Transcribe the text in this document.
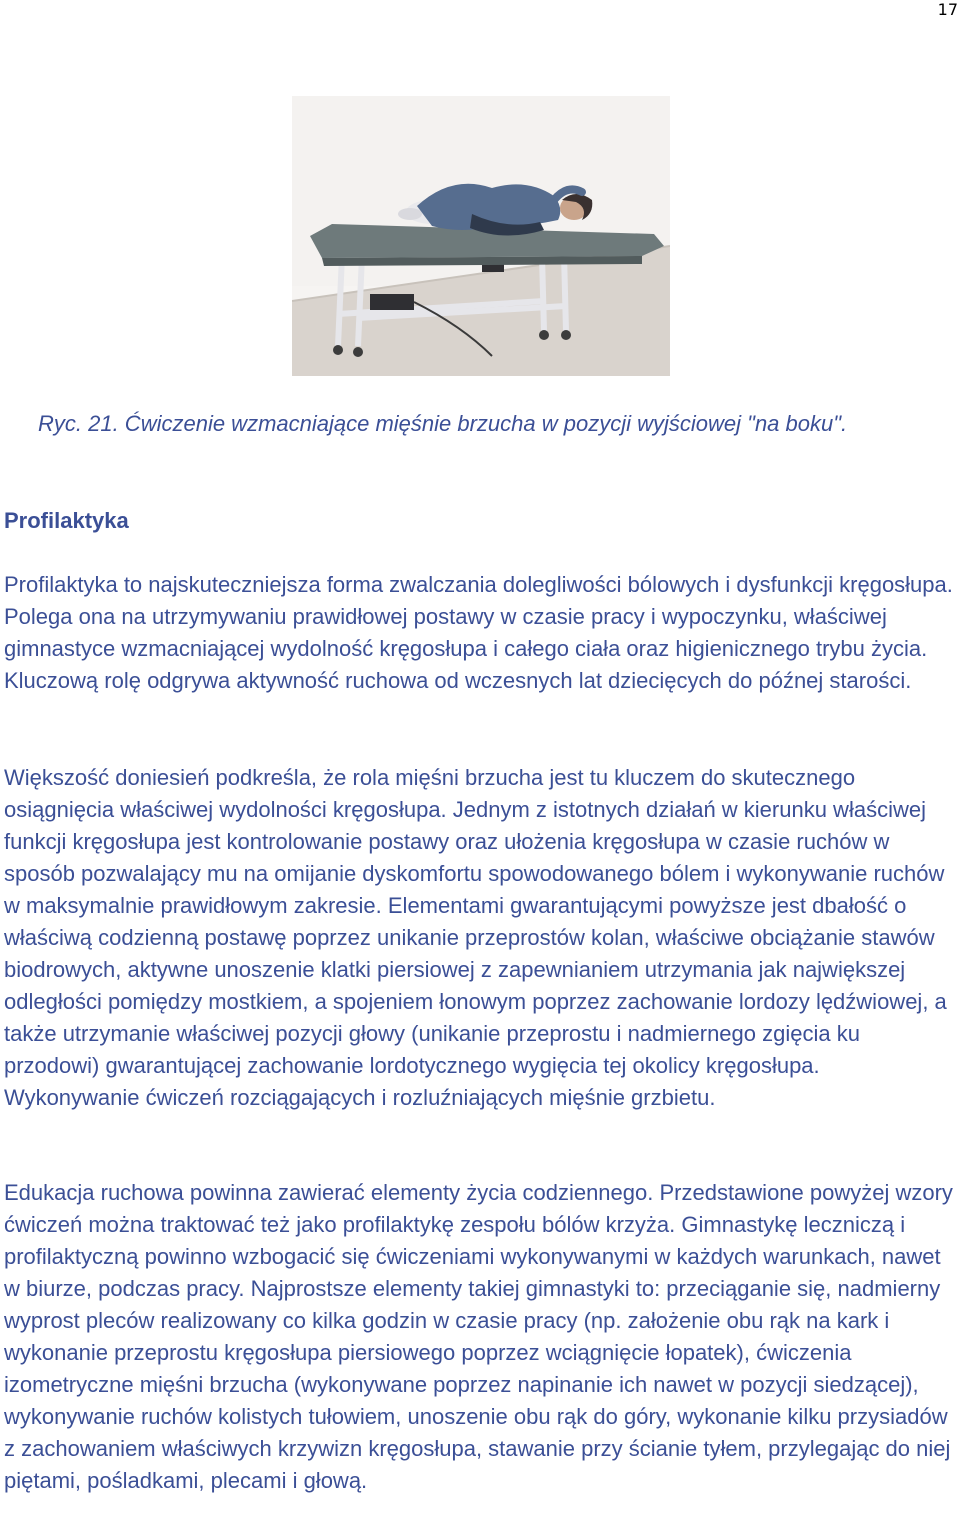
17
Ryc. 21. Ćwiczenie wzmacniające mięśnie brzucha w pozycji wyjściowej "na boku".
Profilaktyka

Profilaktyka to najskuteczniejsza forma zwalczania dolegliwości bólowych i dysfunkcji kręgosłupa. Polega ona na utrzymywaniu prawidłowej postawy w czasie pracy i wypoczynku, właściwej gimnastyce wzmacniającej wydolność kręgosłupa i całego ciała oraz higienicznego trybu życia. Kluczową rolę odgrywa aktywność ruchowa od wczesnych lat dziecięcych do późnej starości.

Większość doniesień podkreśla, że rola mięśni brzucha jest tu kluczem do skutecznego osiągnięcia właściwej wydolności kręgosłupa. Jednym z istotnych działań w kierunku właściwej funkcji kręgosłupa jest kontrolowanie postawy oraz ułożenia kręgosłupa w czasie ruchów w sposób pozwalający mu na omijanie dyskomfortu spowodowanego bólem i wykonywanie ruchów w maksymalnie prawidłowym zakresie. Elementami gwarantującymi powyższe jest dbałość o właściwą codzienną postawę poprzez unikanie przeprostów kolan, właściwe obciążanie stawów biodrowych, aktywne unoszenie klatki piersiowej z zapewnianiem utrzymania jak największej odległości pomiędzy mostkiem, a spojeniem łonowym poprzez zachowanie lordozy lędźwiowej, a także utrzymanie właściwej pozycji głowy (unikanie przeprostu i nadmiernego zgięcia ku przodowi) gwarantującej zachowanie lordotycznego wygięcia tej okolicy kręgosłupa. Wykonywanie ćwiczeń rozciągających i rozluźniających mięśnie grzbietu.

Edukacja ruchowa powinna zawierać elementy życia codziennego. Przedstawione powyżej wzory ćwiczeń można traktować też jako profilaktykę zespołu bólów krzyża. Gimnastykę leczniczą i profilaktyczną powinno wzbogacić się ćwiczeniami wykonywanymi w każdych warunkach, nawet w biurze, podczas pracy. Najprostsze elementy takiej gimnastyki to: przeciąganie się, nadmierny wyprost pleców realizowany co kilka godzin w czasie pracy (np. założenie obu rąk na kark i wykonanie przeprostu kręgosłupa piersiowego poprzez wciągnięcie łopatek), ćwiczenia izometryczne mięśni brzucha (wykonywane poprzez napinanie ich nawet w pozycji siedzącej), wykonywanie ruchów kolistych tułowiem, unoszenie obu rąk do góry, wykonanie kilku przysiadów z zachowaniem właściwych krzywizn kręgosłupa, stawanie przy ścianie tyłem, przylegając do niej piętami, pośladkami, plecami i głową.
